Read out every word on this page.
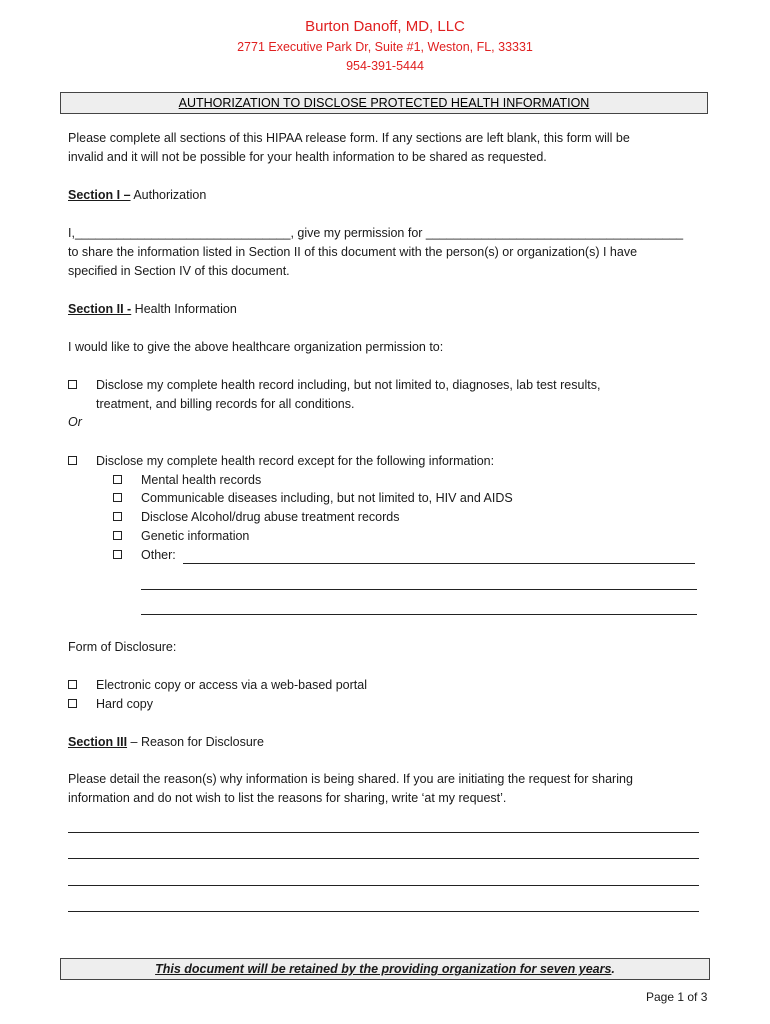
Burton Danoff, MD, LLC
2771 Executive Park Dr, Suite #1, Weston, FL, 33331
954-391-5444
AUTHORIZATION TO DISCLOSE PROTECTED HEALTH INFORMATION
Please complete all sections of this HIPAA release form. If any sections are left blank, this form will be
invalid and it will not be possible for your health information to be shared as requested.
Section I – Authorization
I,_______________________________, give my permission for _____________________________________
to share the information listed in Section II of this document with the person(s) or organization(s) I have
specified in Section IV of this document.
Section II - Health Information
I would like to give the above healthcare organization permission to:
Disclose my complete health record including, but not limited to, diagnoses, lab test results,
treatment, and billing records for all conditions.
Or
Disclose my complete health record except for the following information:
Mental health records
Communicable diseases including, but not limited to, HIV and AIDS
Disclose Alcohol/drug abuse treatment records
Genetic information
Other:
Form of Disclosure:
Electronic copy or access via a web-based portal
Hard copy
Section III – Reason for Disclosure
Please detail the reason(s) why information is being shared. If you are initiating the request for sharing
information and do not wish to list the reasons for sharing, write ‘at my request’.
This document will be retained by the providing organization for seven years.
Page 1 of 3
